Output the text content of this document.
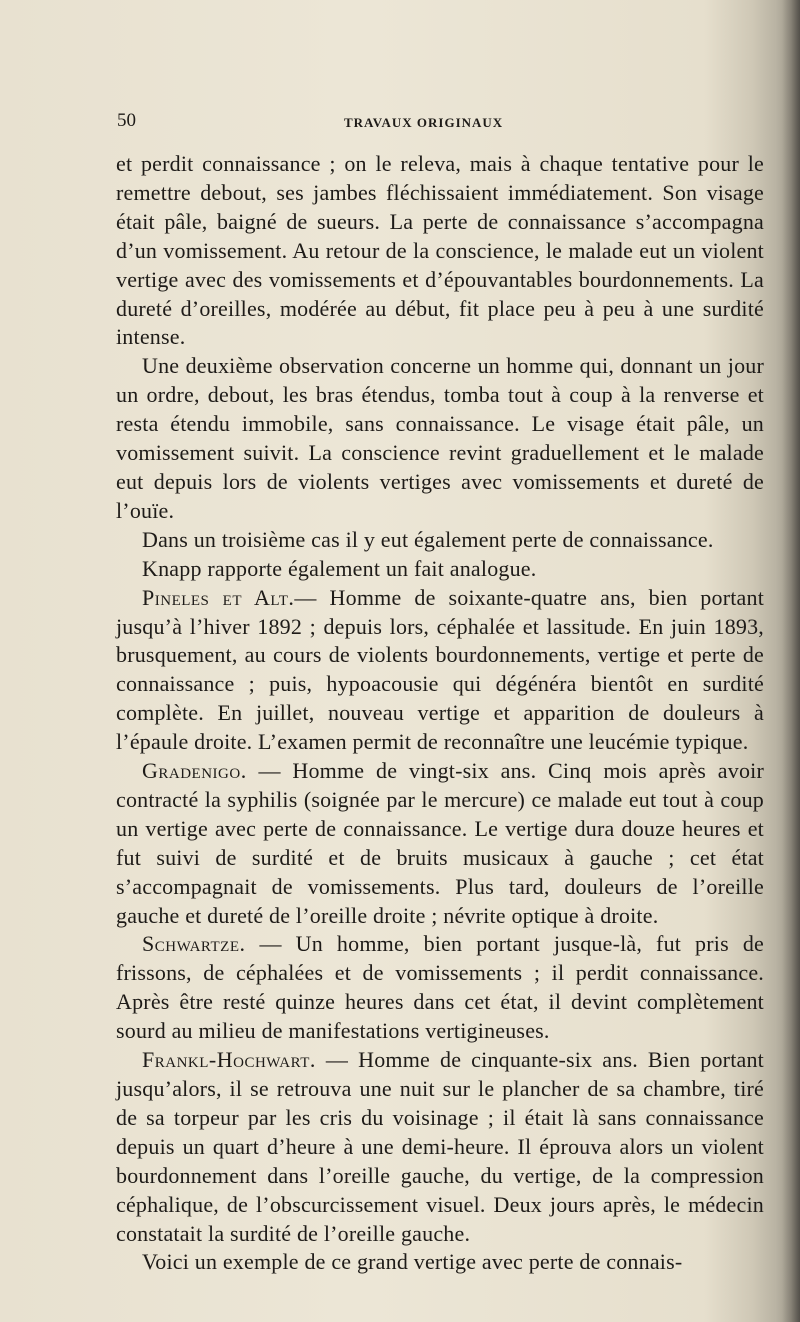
50	TRAVAUX ORIGINAUX

et perdit connaissance ; on le releva, mais à chaque tentative pour le remettre debout, ses jambes fléchissaient immédiatement. Son visage était pâle, baigné de sueurs. La perte de connaissance s’accompagna d’un vomissement. Au retour de la conscience, le malade eut un violent vertige avec des vomissements et d’épouvantables bourdonnements. La dureté d’oreilles, modérée au début, fit place peu à peu à une surdité intense.

Une deuxième observation concerne un homme qui, donnant un jour un ordre, debout, les bras étendus, tomba tout à coup à la renverse et resta étendu immobile, sans connaissance. Le visage était pâle, un vomissement suivit. La conscience revint graduellement et le malade eut depuis lors de violents vertiges avec vomissements et dureté de l’ouïe.

Dans un troisième cas il y eut également perte de connaissance.

Knapp rapporte également un fait analogue.

Pineles et Alt.— Homme de soixante-quatre ans, bien portant jusqu’à l’hiver 1892 ; depuis lors, céphalée et lassitude. En juin 1893, brusquement, au cours de violents bourdonnements, vertige et perte de connaissance ; puis, hypoacousie qui dégénéra bientôt en surdité complète. En juillet, nouveau vertige et apparition de douleurs à l’épaule droite. L’examen permit de reconnaître une leucémie typique.

Gradenigo. — Homme de vingt-six ans. Cinq mois après avoir contracté la syphilis (soignée par le mercure) ce malade eut tout à coup un vertige avec perte de connaissance. Le vertige dura douze heures et fut suivi de surdité et de bruits musicaux à gauche ; cet état s’accompagnait de vomissements. Plus tard, douleurs de l’oreille gauche et dureté de l’oreille droite ; névrite optique à droite.

Schwartze. — Un homme, bien portant jusque-là, fut pris de frissons, de céphalées et de vomissements ; il perdit connaissance. Après être resté quinze heures dans cet état, il devint complètement sourd au milieu de manifestations vertigineuses.

Frankl-Hochwart. — Homme de cinquante-six ans. Bien portant jusqu’alors, il se retrouva une nuit sur le plancher de sa chambre, tiré de sa torpeur par les cris du voisinage ; il était là sans connaissance depuis un quart d’heure à une demi-heure. Il éprouva alors un violent bourdonnement dans l’oreille gauche, du vertige, de la compression céphalique, de l’obscurcissement visuel. Deux jours après, le médecin constatait la surdité de l’oreille gauche.

Voici un exemple de ce grand vertige avec perte de connais-
